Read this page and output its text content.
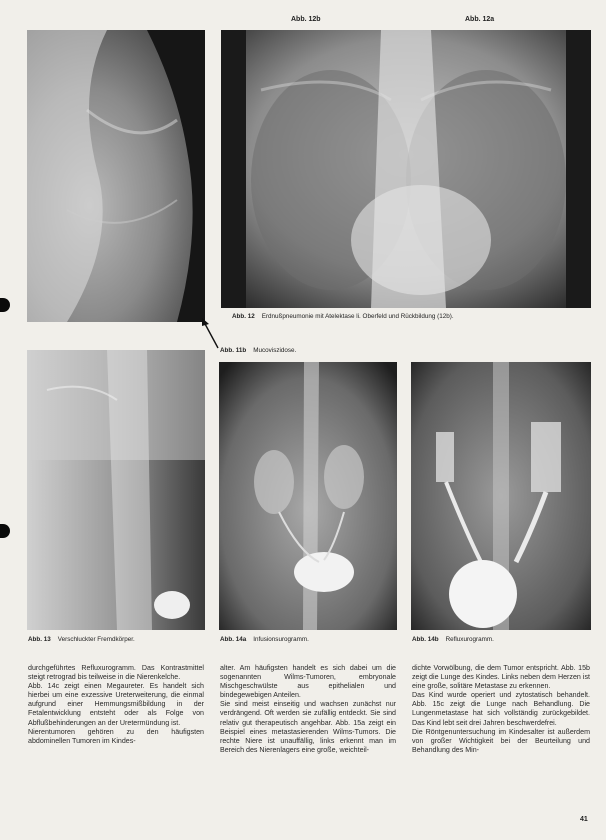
Abb. 12b	Abb. 12a
Abb. 12 Erdnußpneumonie mit Atelektase li. Oberfeld und Rückbildung (12b).
Abb. 11b Mucoviszidose.
Abb. 13 Verschluckter Fremdkörper.	Abb. 14a Infusionsurogramm.	Abb. 14b Refluxurogramm.

durchgeführtes Refluxurogramm. Das Kontrastmittel steigt retrograd bis teilweise in die Nierenkelche.

Abb. 14c zeigt einen Megaureter. Es handelt sich hierbei um eine exzessive Ureterweiterung, die einmal aufgrund einer Hemmungsmißbildung in der Fetalentwicklung entsteht oder als Folge von Abflußbehinderungen an der Uretermündung ist.

Nierentumoren gehören zu den häufigsten abdominellen Tumoren im Kindes-

alter. Am häufigsten handelt es sich dabei um die sogenannten Wilms-Tumoren, embryonale Mischgeschwülste aus epithelialen und bindegewebigen Anteilen.

Sie sind meist einseitig und wachsen zunächst nur verdrängend. Oft werden sie zufällig entdeckt. Sie sind relativ gut therapeutisch angehbar. Abb. 15a zeigt ein Beispiel eines metastasierenden Wilms-Tumors. Die rechte Niere ist unauffällig, links erkennt man im Bereich des Nierenlagers eine große, weichteil-

dichte Vorwölbung, die dem Tumor entspricht. Abb. 15b zeigt die Lunge des Kindes. Links neben dem Herzen ist eine große, solitäre Metastase zu erkennen.

Das Kind wurde operiert und zytostatisch behandelt. Abb. 15c zeigt die Lunge nach Behandlung. Die Lungenmetastase hat sich vollständig zurückgebildet. Das Kind lebt seit drei Jahren beschwerdefrei.

Die Röntgenuntersuchung im Kindesalter ist außerdem von großer Wichtigkeit bei der Beurteilung und Behandlung des Min-

41
